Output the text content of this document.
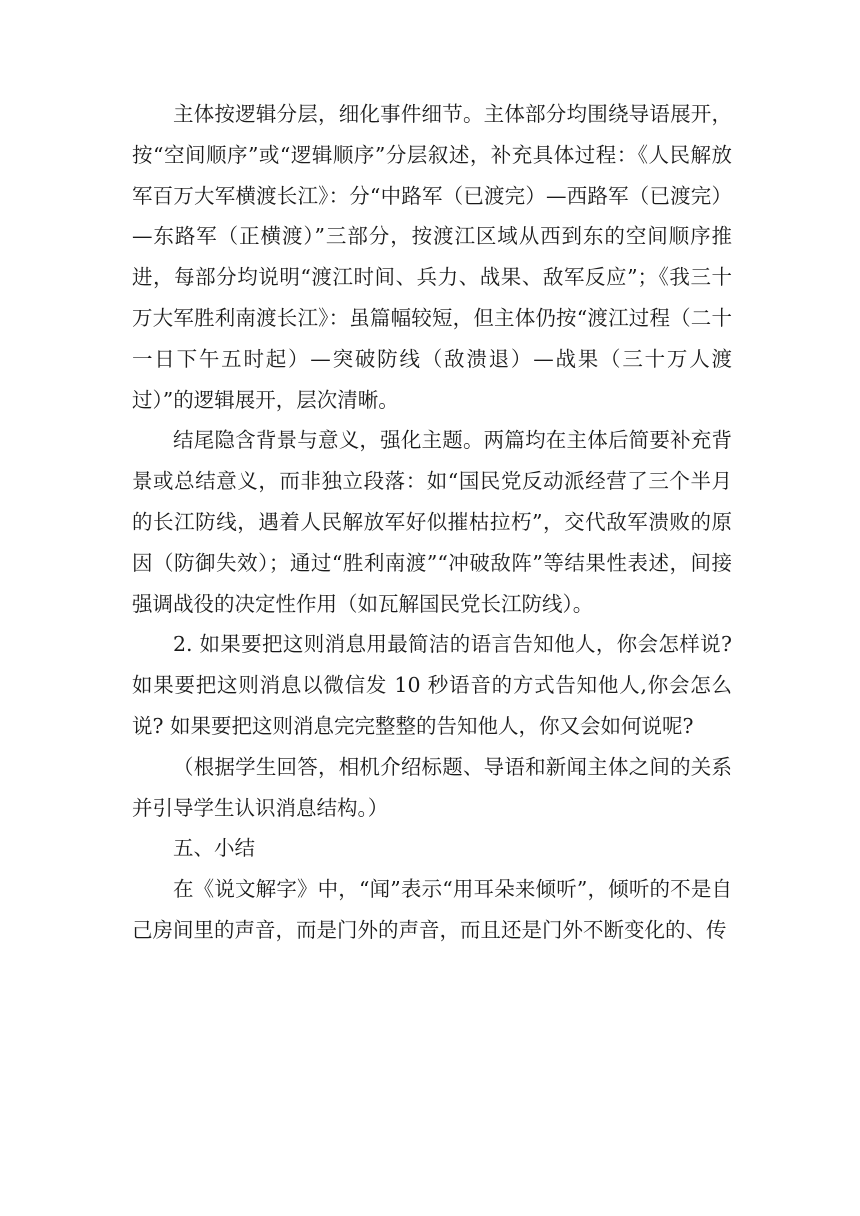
主体按逻辑分层，细化事件细节。主体部分均围绕导语展开，按“空间顺序”或“逻辑顺序”分层叙述，补充具体过程：《人民解放军百万大军横渡长江》：分“中路军（已渡完）—西路军（已渡完）—东路军（正横渡）”三部分，按渡江区域从西到东的空间顺序推进，每部分均说明“渡江时间、兵力、战果、敌军反应”；《我三十万大军胜利南渡长江》：虽篇幅较短，但主体仍按“渡江过程（二十一日下午五时起）—突破防线（敌溃退）—战果（三十万人渡过）”的逻辑展开，层次清晰。

结尾隐含背景与意义，强化主题。两篇均在主体后简要补充背景或总结意义，而非独立段落：如“国民党反动派经营了三个半月的长江防线，遇着人民解放军好似摧枯拉朽”，交代敌军溃败的原因（防御失效）；通过“胜利南渡”“冲破敌阵”等结果性表述，间接强调战役的决定性作用（如瓦解国民党长江防线）。

2. 如果要把这则消息用最简洁的语言告知他人，你会怎样说? 如果要把这则消息以微信发 10 秒语音的方式告知他人,你会怎么说? 如果要把这则消息完完整整的告知他人，你又会如何说呢?

（根据学生回答，相机介绍标题、导语和新闻主体之间的关系并引导学生认识消息结构。）

五、小结

在《说文解字》中，“闻”表示“用耳朵来倾听”，倾听的不是自己房间里的声音，而是门外的声音，而且还是门外不断变化的、传
